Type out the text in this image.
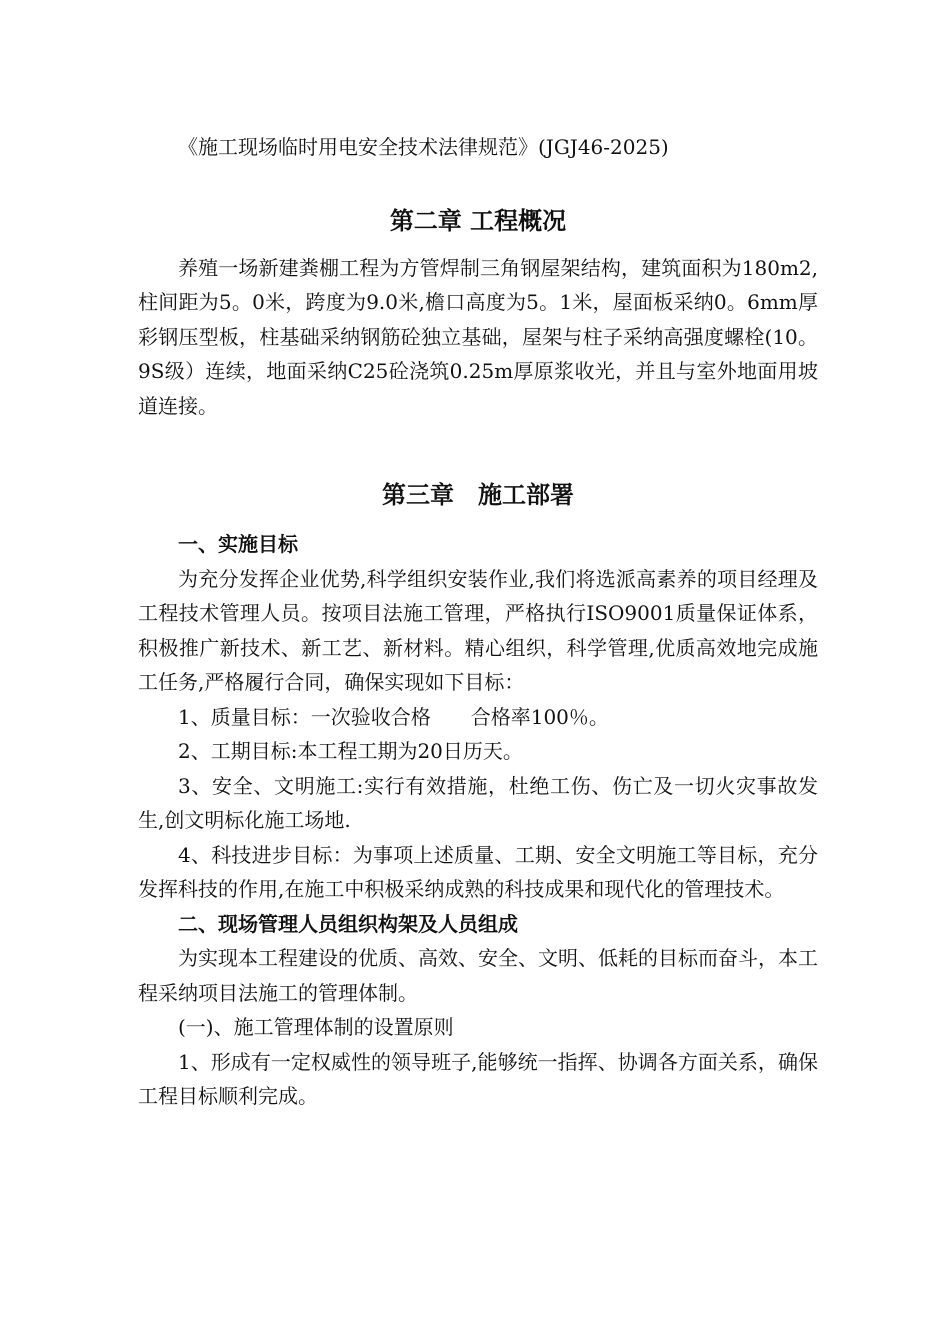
《施工现场临时用电安全技术法律规范》(JGJ46-2025)

第二章 工程概况

养殖一场新建粪棚工程为方管焊制三角钢屋架结构，建筑面积为180m2,柱间距为5。0米，跨度为9.0米,檐口高度为5。1米，屋面板采纳0。6mm厚彩钢压型板，柱基础采纳钢筋砼独立基础，屋架与柱子采纳高强度螺栓(10。9S级）连续，地面采纳C25砼浇筑0.25m厚原浆收光，并且与室外地面用坡道连接。

第三章　施工部署

一、实施目标

为充分发挥企业优势,科学组织安装作业,我们将选派高素养的项目经理及工程技术管理人员。按项目法施工管理，严格执行ISO9001质量保证体系，积极推广新技术、新工艺、新材料。精心组织，科学管理,优质高效地完成施工任务,严格履行合同，确保实现如下目标：

1、质量目标：一次验收合格　　合格率100％。

2、工期目标:本工程工期为20日历天。

3、安全、文明施工:实行有效措施，杜绝工伤、伤亡及一切火灾事故发生,创文明标化施工场地.

4、科技进步目标：为事项上述质量、工期、安全文明施工等目标，充分发挥科技的作用,在施工中积极采纳成熟的科技成果和现代化的管理技术。

二、现场管理人员组织构架及人员组成

为实现本工程建设的优质、高效、安全、文明、低耗的目标而奋斗，本工程采纳项目法施工的管理体制。

(一)、施工管理体制的设置原则

1、形成有一定权威性的领导班子,能够统一指挥、协调各方面关系，确保工程目标顺利完成。
